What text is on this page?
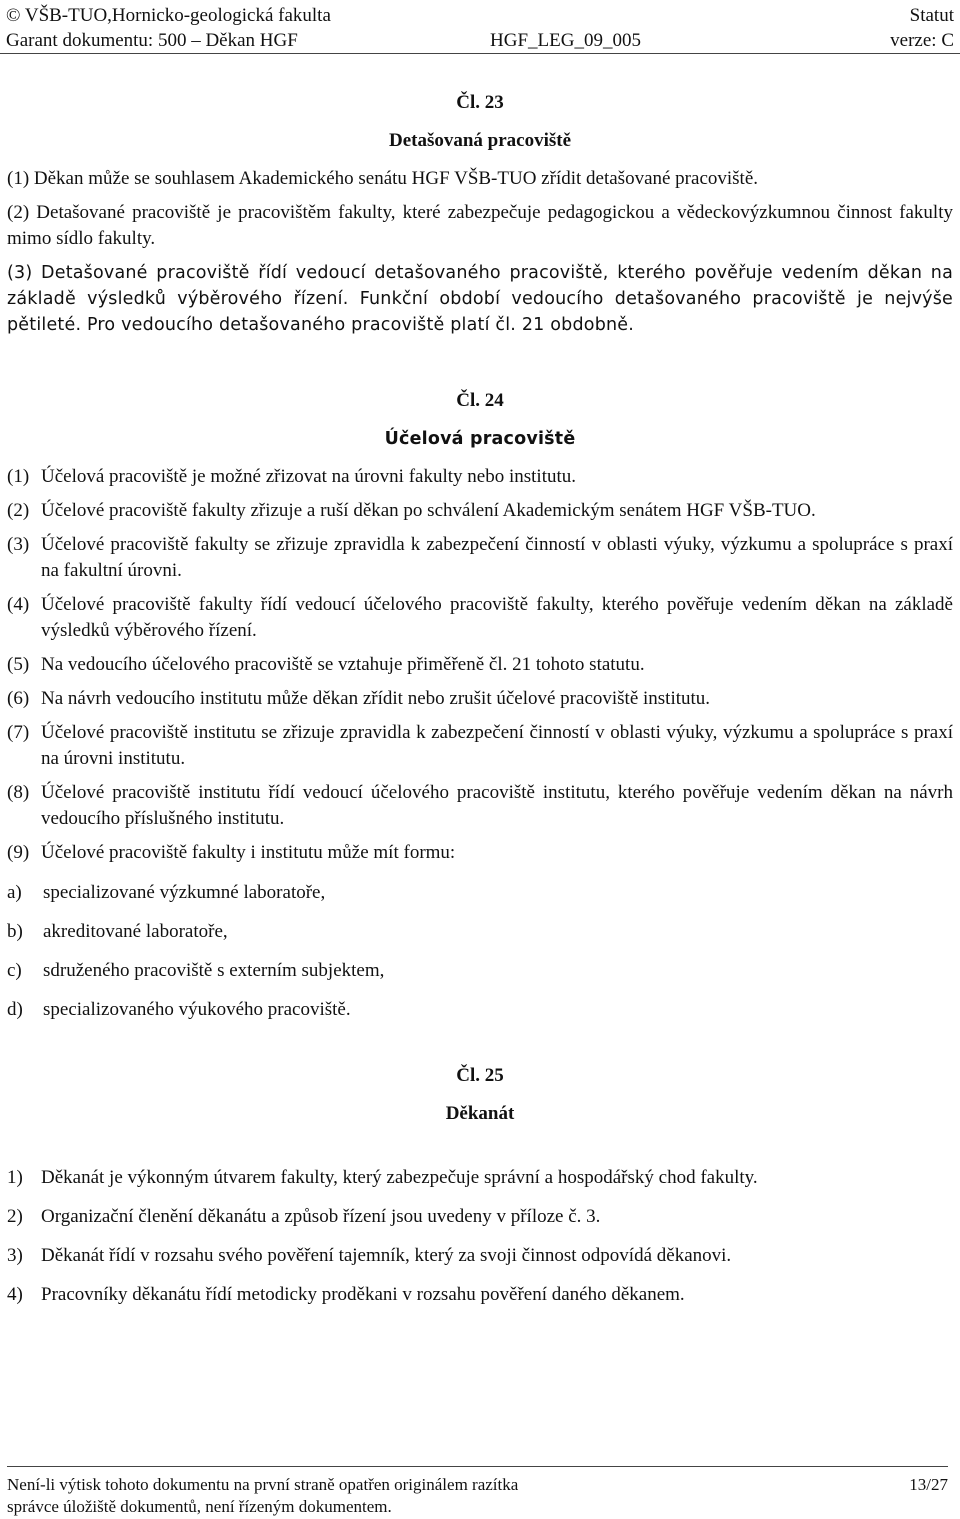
© VŠB-TUO,Hornicko-geologická fakulta	Statut
Garant dokumentu: 500 – Děkan HGF	HGF_LEG_09_005	verze: C
Čl. 23
Detašovaná pracoviště
(1) Děkan může se souhlasem Akademického senátu HGF VŠB-TUO zřídit detašované pracoviště.
(2) Detašované pracoviště je pracovištěm fakulty, které zabezpečuje pedagogickou a vědeckovýzkumnou činnost fakulty mimo sídlo fakulty.
(3) Detašované pracoviště řídí vedoucí detašovaného pracoviště, kterého pověřuje vedením děkan na základě výsledků výběrového řízení. Funkční období vedoucího detašovaného pracoviště je nejvýše pětileté. Pro vedoucího detašovaného pracoviště platí čl. 21 obdobně.
Čl. 24
Účelová pracoviště
(1) Účelová pracoviště je možné zřizovat na úrovni fakulty nebo institutu.
(2) Účelové pracoviště fakulty zřizuje a ruší děkan po schválení Akademickým senátem HGF VŠB-TUO.
(3) Účelové pracoviště fakulty se zřizuje zpravidla k zabezpečení činností v oblasti výuky, výzkumu a spolupráce s praxí na fakultní úrovni.
(4) Účelové pracoviště fakulty řídí vedoucí účelového pracoviště fakulty, kterého pověřuje vedením děkan na základě výsledků výběrového řízení.
(5) Na vedoucího účelového pracoviště se vztahuje přiměřeně čl. 21 tohoto statutu.
(6) Na návrh vedoucího institutu může děkan zřídit nebo zrušit účelové pracoviště institutu.
(7) Účelové pracoviště institutu se zřizuje zpravidla k zabezpečení činností v oblasti výuky, výzkumu a spolupráce s praxí na úrovni institutu.
(8) Účelové pracoviště institutu řídí vedoucí účelového pracoviště institutu, kterého pověřuje vedením děkan na návrh vedoucího příslušného institutu.
(9) Účelové pracoviště fakulty i institutu může mít formu:
a)	specializované výzkumné laboratoře,
b)	akreditované laboratoře,
c)	sdruženého pracoviště s externím subjektem,
d)	specializovaného výukového pracoviště.
Čl. 25
Děkanát
1) Děkanát je výkonným útvarem fakulty, který zabezpečuje správní a hospodářský chod fakulty.
2) Organizační členění děkanátu a způsob řízení jsou uvedeny v příloze č. 3.
3) Děkanát řídí v rozsahu svého pověření tajemník, který za svoji činnost odpovídá děkanovi.
4) Pracovníky děkanátu řídí metodicky proděkani v rozsahu pověření daného děkanem.
Není-li výtisk tohoto dokumentu na první straně opatřen originálem razítka	13/27
správce úložiště dokumentů, není řízeným dokumentem.
